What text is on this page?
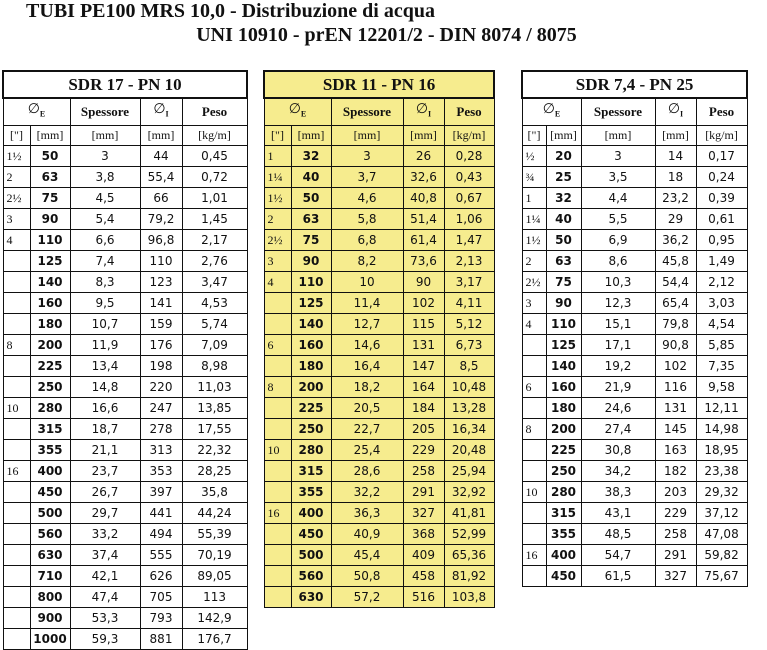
TUBI PE100 MRS 10,0 - Distribuzione di acqua
UNI 10910 - prEN 12201/2 - DIN 8074 / 8075
SDR 17 - PN 10				
$\emptyset_E$		Spessore	$\emptyset_I$	Peso
["]	[mm]	[mm]	[mm]	[kg/m]
1½	50	3	44	0,45
2	63	3,8	55,4	0,72
2½	75	4,5	66	1,01
3	90	5,4	79,2	1,45
4	110	6,6	96,8	2,17
	125	7,4	110	2,76
	140	8,3	123	3,47
	160	9,5	141	4,53
	180	10,7	159	5,74
8	200	11,9	176	7,09
	225	13,4	198	8,98
	250	14,8	220	11,03
10	280	16,6	247	13,85
	315	18,7	278	17,55
	355	21,1	313	22,32
16	400	23,7	353	28,25
	450	26,7	397	35,8
	500	29,7	441	44,24
	560	33,2	494	55,39
	630	37,4	555	70,19
	710	42,1	626	89,05
	800	47,4	705	113
	900	53,3	793	142,9
	1000	59,3	881	176,7
SDR 11 - PN 16				
$\emptyset_E$		Spessore	$\emptyset_I$	Peso
["]	[mm]	[mm]	[mm]	[kg/m]
1	32	3	26	0,28
1¼	40	3,7	32,6	0,43
1½	50	4,6	40,8	0,67
2	63	5,8	51,4	1,06
2½	75	6,8	61,4	1,47
3	90	8,2	73,6	2,13
4	110	10	90	3,17
	125	11,4	102	4,11
	140	12,7	115	5,12
6	160	14,6	131	6,73
	180	16,4	147	8,5
8	200	18,2	164	10,48
	225	20,5	184	13,28
	250	22,7	205	16,34
10	280	25,4	229	20,48
	315	28,6	258	25,94
	355	32,2	291	32,92
16	400	36,3	327	41,81
	450	40,9	368	52,99
	500	45,4	409	65,36
	560	50,8	458	81,92
	630	57,2	516	103,8
SDR 7,4 - PN 25				
$\emptyset_E$		Spessore	$\emptyset_I$	Peso
["]	[mm]	[mm]	[mm]	[kg/m]
½	20	3	14	0,17
¾	25	3,5	18	0,24
1	32	4,4	23,2	0,39
1¼	40	5,5	29	0,61
1½	50	6,9	36,2	0,95
2	63	8,6	45,8	1,49
2½	75	10,3	54,4	2,12
3	90	12,3	65,4	3,03
4	110	15,1	79,8	4,54
	125	17,1	90,8	5,85
	140	19,2	102	7,35
6	160	21,9	116	9,58
	180	24,6	131	12,11
8	200	27,4	145	14,98
	225	30,8	163	18,95
	250	34,2	182	23,38
10	280	38,3	203	29,32
	315	43,1	229	37,12
	355	48,5	258	47,08
16	400	54,7	291	59,82
	450	61,5	327	75,67
